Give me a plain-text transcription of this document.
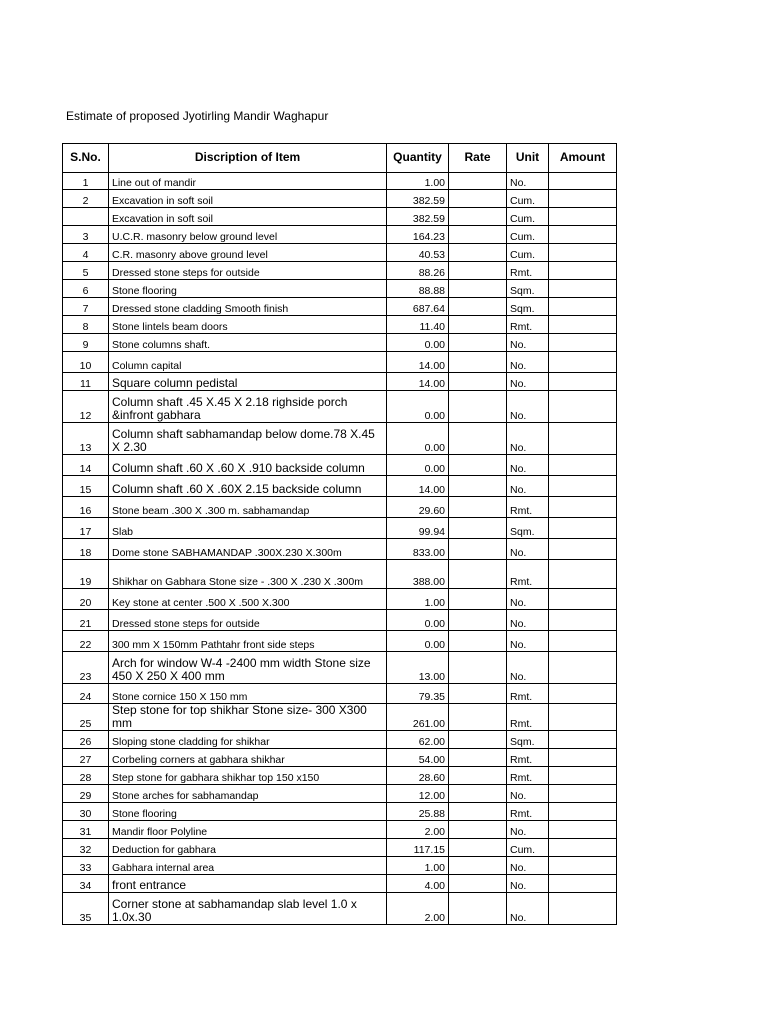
Estimate of proposed Jyotirling Mandir Waghapur
S.No.	Discription of Item	Quantity	Rate	Unit	Amount
1	Line out of mandir	1.00		No.	
2	Excavation in soft soil	382.59		Cum.	
	Excavation in soft soil	382.59		Cum.	
3	U.C.R. masonry below ground level	164.23		Cum.	
4	C.R. masonry above ground level	40.53		Cum.	
5	Dressed stone steps for outside	88.26		Rmt.	
6	Stone flooring	88.88		Sqm.	
7	Dressed stone cladding Smooth finish	687.64		Sqm.	
8	Stone lintels beam doors	11.40		Rmt.	
9	Stone columns shaft.	0.00		No.	
10	Column capital	14.00		No.	
11	Square column pedistal	14.00		No.	
12	Column shaft .45 X.45 X 2.18 righside porch &infront gabhara	0.00		No.	
13	Column shaft sabhamandap below dome.78 X.45 X 2.30	0.00		No.	
14	Column shaft .60 X .60 X .910 backside column	0.00		No.	
15	Column shaft .60 X .60X 2.15 backside column	14.00		No.	
16	Stone beam .300 X .300 m. sabhamandap	29.60		Rmt.	
17	Slab	99.94		Sqm.	
18	Dome stone SABHAMANDAP .300X.230 X.300m	833.00		No.	
19	Shikhar on Gabhara Stone size - .300 X .230 X .300m	388.00		Rmt.	
20	Key stone at center .500 X .500 X.300	1.00		No.	
21	Dressed stone steps for outside	0.00		No.	
22	300 mm X 150mm Pathtahr front side steps	0.00		No.	
23	Arch for window W-4 -2400 mm width Stone size 450 X 250 X 400 mm	13.00		No.	
24	Stone cornice 150 X 150 mm	79.35		Rmt.	
25	Step stone for top shikhar Stone size- 300 X300 mm	261.00		Rmt.	
26	Sloping stone cladding for shikhar	62.00		Sqm.	
27	Corbeling corners at gabhara shikhar	54.00		Rmt.	
28	Step stone for gabhara shikhar top 150 x150	28.60		Rmt.	
29	Stone arches for sabhamandap	12.00		No.	
30	Stone flooring	25.88		Rmt.	
31	Mandir floor Polyline	2.00		No.	
32	Deduction for gabhara	117.15		Cum.	
33	Gabhara internal area	1.00		No.	
34	front entrance	4.00		No.	
35	Corner stone at sabhamandap slab level 1.0 x 1.0x.30	2.00		No.	
